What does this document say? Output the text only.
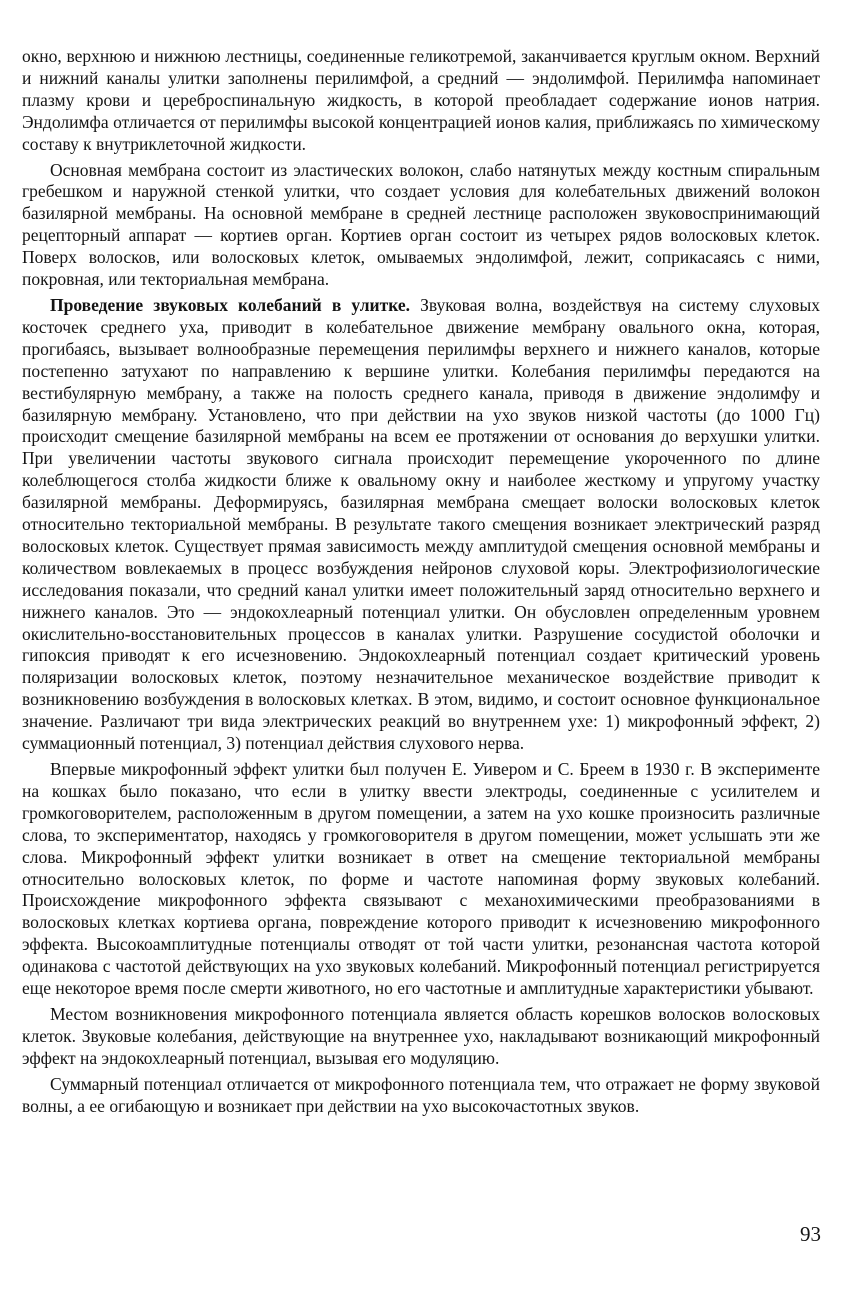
окно, верхнюю и нижнюю лестницы, соединенные геликотремой, заканчивается круглым окном. Верхний и нижний каналы улитки заполнены перилимфой, а средний — эндолимфой. Перилимфа напоминает плазму крови и цереброспинальную жидкость, в которой преобладает содержание ионов натрия. Эндолимфа отличается от перилимфы высокой концентрацией ионов калия, приближаясь по химическому составу к внутриклеточной жидкости.

Основная мембрана состоит из эластических волокон, слабо натянутых между костным спиральным гребешком и наружной стенкой улитки, что создает условия для колебательных движений волокон базилярной мембраны. На основной мембране в средней лестнице расположен звуковоспринимающий рецепторный аппарат — кортиев орган. Кортиев орган состоит из четырех рядов волосковых клеток. Поверх волосков, или волосковых клеток, омываемых эндолимфой, лежит, соприкасаясь с ними, покровная, или текториальная мембрана.

Проведение звуковых колебаний в улитке. Звуковая волна, воздействуя на систему слуховых косточек среднего уха, приводит в колебательное движение мембрану овального окна, которая, прогибаясь, вызывает волнообразные перемещения перилимфы верхнего и нижнего каналов, которые постепенно затухают по направлению к вершине улитки. Колебания перилимфы передаются на вестибулярную мембрану, а также на полость среднего канала, приводя в движение эндолимфу и базилярную мембрану. Установлено, что при действии на ухо звуков низкой частоты (до 1000 Гц) происходит смещение базилярной мембраны на всем ее протяжении от основания до верхушки улитки. При увеличении частоты звукового сигнала происходит перемещение укороченного по длине колеблющегося столба жидкости ближе к овальному окну и наиболее жесткому и упругому участку базилярной мембраны. Деформируясь, базилярная мембрана смещает волоски волосковых клеток относительно текториальной мембраны. В результате такого смещения возникает электрический разряд волосковых клеток. Существует прямая зависимость между амплитудой смещения основной мембраны и количеством вовлекаемых в процесс возбуждения нейронов слуховой коры. Электрофизиологические исследования показали, что средний канал улитки имеет положительный заряд относительно верхнего и нижнего каналов. Это — эндокохлеарный потенциал улитки. Он обусловлен определенным уровнем окислительно-восстановительных процессов в каналах улитки. Разрушение сосудистой оболочки и гипоксия приводят к его исчезновению. Эндокохлеарный потенциал создает критический уровень поляризации волосковых клеток, поэтому незначительное механическое воздействие приводит к возникновению возбуждения в волосковых клетках. В этом, видимо, и состоит основное функциональное значение. Различают три вида электрических реакций во внутреннем ухе: 1) микрофонный эффект, 2) суммационный потенциал, 3) потенциал действия слухового нерва.

Впервые микрофонный эффект улитки был получен Е. Уивером и С. Бреем в 1930 г. В эксперименте на кошках было показано, что если в улитку ввести электроды, соединенные с усилителем и громкоговорителем, расположенным в другом помещении, а затем на ухо кошке произносить различные слова, то экспериментатор, находясь у громкоговорителя в другом помещении, может услышать эти же слова. Микрофонный эффект улитки возникает в ответ на смещение текториальной мембраны относительно волосковых клеток, по форме и частоте напоминая форму звуковых колебаний. Происхождение микрофонного эффекта связывают с механохимическими преобразованиями в волосковых клетках кортиева органа, повреждение которого приводит к исчезновению микрофонного эффекта. Высокоамплитудные потенциалы отводят от той части улитки, резонансная частота которой одинакова с частотой действующих на ухо звуковых колебаний. Микрофонный потенциал регистрируется еще некоторое время после смерти животного, но его частотные и амплитудные характеристики убывают.

Местом возникновения микрофонного потенциала является область корешков волосков волосковых клеток. Звуковые колебания, действующие на внутреннее ухо, накладывают возникающий микрофонный эффект на эндокохлеарный потенциал, вызывая его модуляцию.

Суммарный потенциал отличается от микрофонного потенциала тем, что отражает не форму звуковой волны, а ее огибающую и возникает при действии на ухо высокочастотных звуков.

93
